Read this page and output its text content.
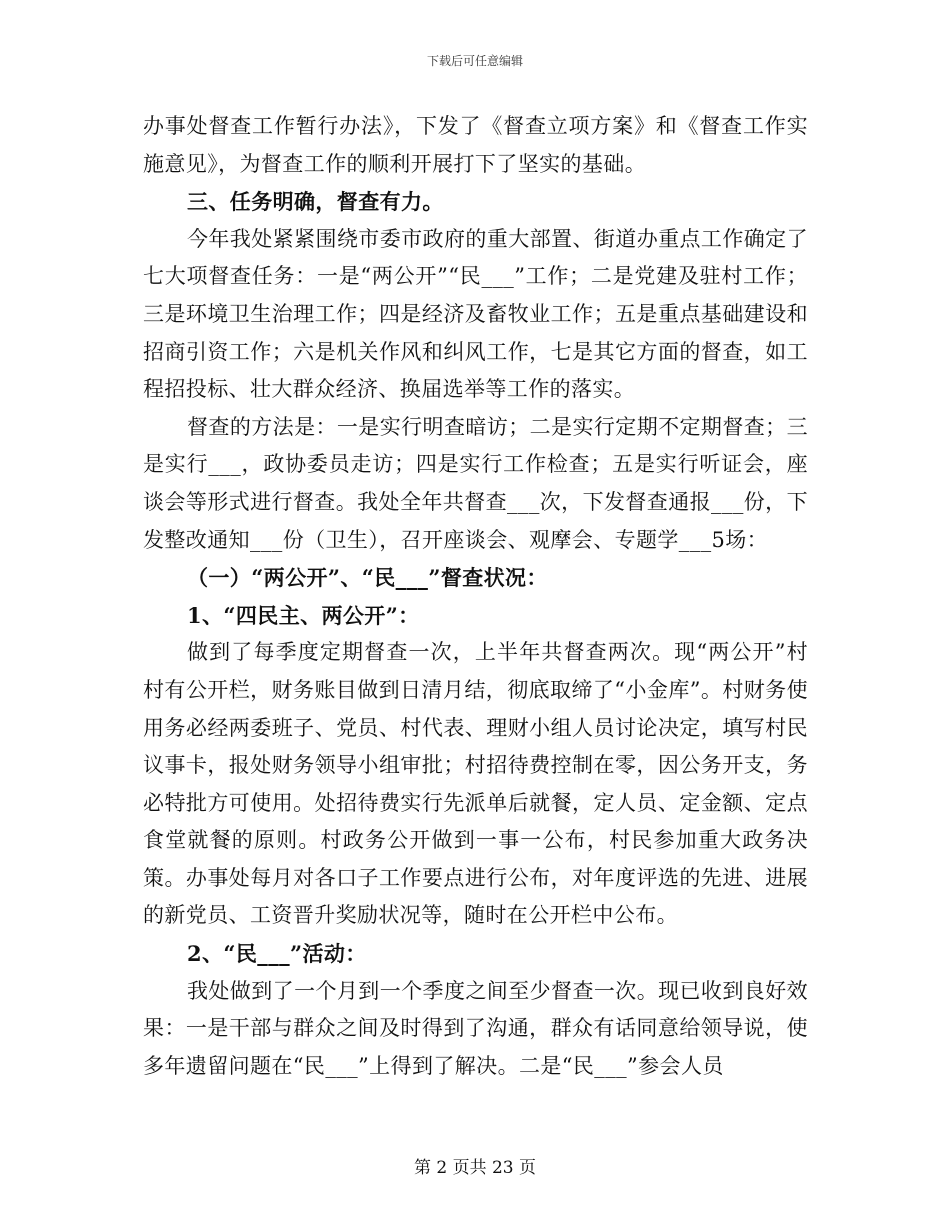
下载后可任意编辑

办事处督查工作暂行办法》，下发了《督查立项方案》和《督查工作实施意见》，为督查工作的顺利开展打下了坚实的基础。

三、任务明确，督查有力。

今年我处紧紧围绕市委市政府的重大部置、街道办重点工作确定了七大项督查任务：一是“两公开”“民___”工作；二是党建及驻村工作；三是环境卫生治理工作；四是经济及畜牧业工作；五是重点基础建设和招商引资工作；六是机关作风和纠风工作，七是其它方面的督查，如工程招投标、壮大群众经济、换届选举等工作的落实。

督查的方法是：一是实行明查暗访；二是实行定期不定期督查；三是实行___，政协委员走访；四是实行工作检查；五是实行听证会，座谈会等形式进行督查。我处全年共督查___次，下发督查通报___份，下发整改通知___份（卫生），召开座谈会、观摩会、专题学___5场：

（一）“两公开”、“民___”督查状况：

1、“四民主、两公开”：

做到了每季度定期督查一次，上半年共督查两次。现“两公开”村村有公开栏，财务账目做到日清月结，彻底取缔了“小金库”。村财务使用务必经两委班子、党员、村代表、理财小组人员讨论决定，填写村民议事卡，报处财务领导小组审批；村招待费控制在零，因公务开支，务必特批方可使用。处招待费实行先派单后就餐，定人员、定金额、定点食堂就餐的原则。村政务公开做到一事一公布，村民参加重大政务决策。办事处每月对各口子工作要点进行公布，对年度评选的先进、进展的新党员、工资晋升奖励状况等，随时在公开栏中公布。

2、“民___”活动：

我处做到了一个月到一个季度之间至少督查一次。现已收到良好效果：一是干部与群众之间及时得到了沟通，群众有话同意给领导说，使多年遗留问题在“民___”上得到了解决。二是“民___”参会人员

第 2 页共 23 页
